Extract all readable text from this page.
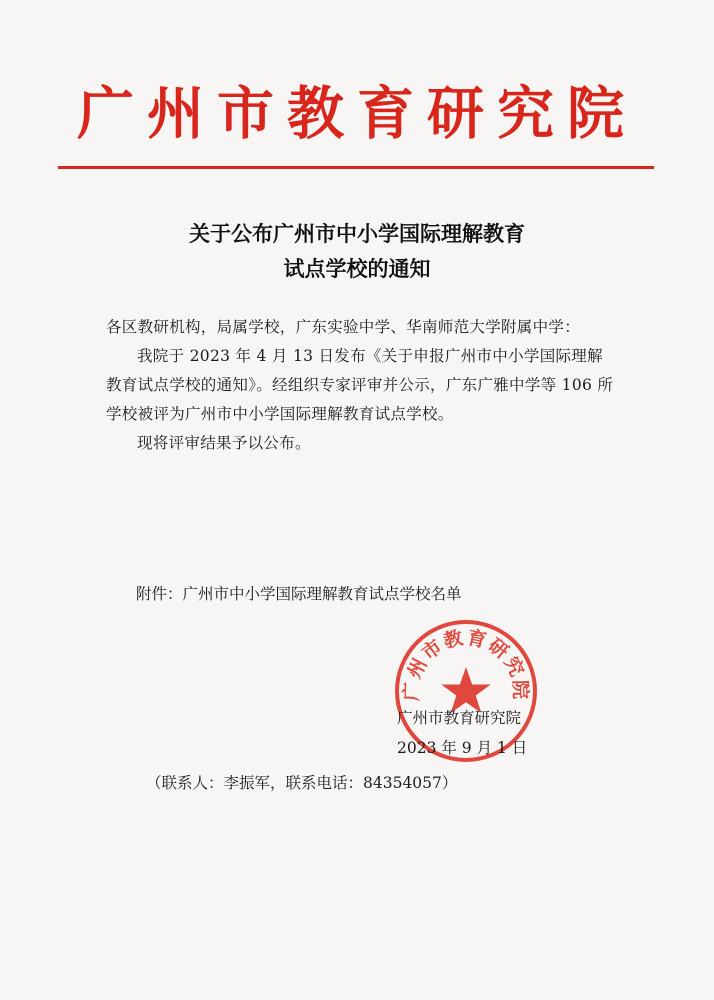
广州市教育研究院
关于公布广州市中小学国际理解教育
试点学校的通知

各区教研机构，局属学校，广东实验中学、华南师范大学附属中学：

我院于 2023 年 4 月 13 日发布《关于申报广州市中小学国际理解教育试点学校的通知》。经组织专家评审并公示，广东广雅中学等 106 所学校被评为广州市中小学国际理解教育试点学校。

现将评审结果予以公布。

附件：广州市中小学国际理解教育试点学校名单
广州市教育研究院
广州市教育研究院
2023 年 9 月 1 日
（联系人：李振军，联系电话：84354057）
